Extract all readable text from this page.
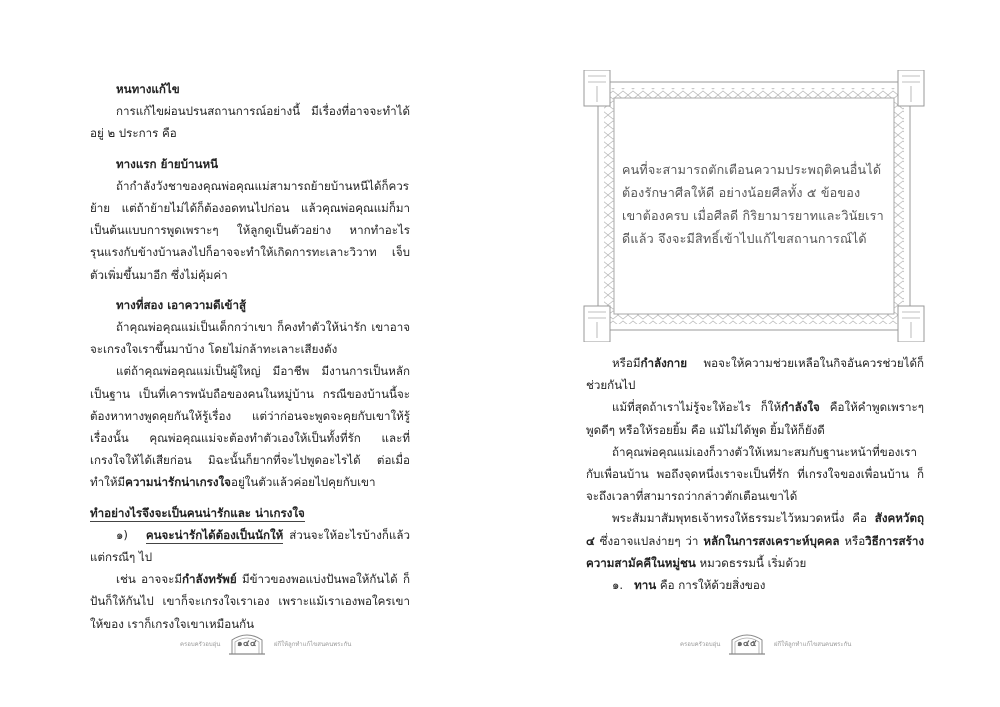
หนทางแก้ไข

การแก้ไขผ่อนปรนสถานการณ์อย่างนี้ มีเรื่องที่อาจจะทำได้อยู่ ๒ ประการ คือ

ทางแรก ย้ายบ้านหนี

ถ้ากำลังวังชาของคุณพ่อคุณแม่สามารถย้ายบ้านหนีได้ก็ควรย้าย แต่ถ้าย้ายไม่ได้ก็ต้องอดทนไปก่อน แล้วคุณพ่อคุณแม่ก็มาเป็นต้นแบบการพูดเพราะๆ ให้ลูกดูเป็นตัวอย่าง หากทำอะไรรุนแรงกับข้างบ้านลงไปก็อาจจะทำให้เกิดการทะเลาะวิวาท เจ็บตัวเพิ่มขึ้นมาอีก ซึ่งไม่คุ้มค่า

ทางที่สอง เอาความดีเข้าสู้

ถ้าคุณพ่อคุณแม่เป็นเด็กกว่าเขา ก็คงทำตัวให้น่ารัก เขาอาจจะเกรงใจเราขึ้นมาบ้าง โดยไม่กล้าทะเลาะเสียงดัง

แต่ถ้าคุณพ่อคุณแม่เป็นผู้ใหญ่ มีอาชีพ มีงานการเป็นหลักเป็นฐาน เป็นที่เคารพนับถือของคนในหมู่บ้าน กรณีของบ้านนี้จะต้องหาทางพูดคุยกันให้รู้เรื่อง แต่ว่าก่อนจะพูดจะคุยกับเขาให้รู้เรื่องนั้น คุณพ่อคุณแม่จะต้องทำตัวเองให้เป็นทั้งที่รัก และที่เกรงใจให้ได้เสียก่อน มิฉะนั้นก็ยากที่จะไปพูดอะไรได้ ต่อเมื่อทำให้มีความน่ารักน่าเกรงใจอยู่ในตัวแล้วค่อยไปคุยกับเขา

ทำอย่างไรจึงจะเป็นคนน่ารักและ น่าเกรงใจ

๑) คนจะน่ารักได้ต้องเป็นนักให้ ส่วนจะให้อะไรบ้างก็แล้วแต่กรณีๆ ไป

เช่น อาจจะมีกำลังทรัพย์ มีข้าวของพอแบ่งปันพอให้กันได้ ก็ปันก็ให้กันไป เขาก็จะเกรงใจเราเอง เพราะแม้เราเองพอใครเขาให้ของ เราก็เกรงใจเขาเหมือนกัน

ครอบครัวอบอุ่น	๑๔๔	ฝกีให้ลูกทำแก้ไขสนคนพระกัน	ครอบครัวอบอุ่น	๑๔๕	ฝกีให้ลูกทำแก้ไขสนคนพระกัน

คนที่จะสามารถตักเตือนความประพฤติคนอื่นได้

ต้องรักษาศีลให้ดี อย่างน้อยศีลทั้ง ๕ ข้อของ

เขาต้องครบ เมื่อศีลดี กิริยามารยาทและวินัยเรา

ดีแล้ว จึงจะมีสิทธิ์เข้าไปแก้ไขสถานการณ์ได้

หรือมีกำลังกาย พอจะให้ความช่วยเหลือในกิจอันควรช่วยได้ก็ช่วยกันไป

แม้ที่สุดถ้าเราไม่รู้จะให้อะไร ก็ให้กำลังใจ คือให้คำพูดเพราะๆ พูดดีๆ หรือให้รอยยิ้ม คือ แม้ไม่ได้พูด ยิ้มให้ก็ยังดี

ถ้าคุณพ่อคุณแม่เองก็วางตัวให้เหมาะสมกับฐานะหน้าที่ของเรากับเพื่อนบ้าน พอถึงจุดหนึ่งเราจะเป็นที่รัก ที่เกรงใจของเพื่อนบ้าน ก็จะถึงเวลาที่สามารถว่ากล่าวตักเตือนเขาได้

พระสัมมาสัมพุทธเจ้าทรงให้ธรรมะไว้หมวดหนึ่ง คือ สังคหวัตถุ ๔ ซึ่งอาจแปลง่ายๆ ว่า หลักในการสงเคราะห์บุคคล หรือวิธีการสร้างความสามัคคีในหมู่ชน หมวดธรรมนี้ เริ่มด้วย

๑. ทาน คือ การให้ด้วยสิ่งของ
